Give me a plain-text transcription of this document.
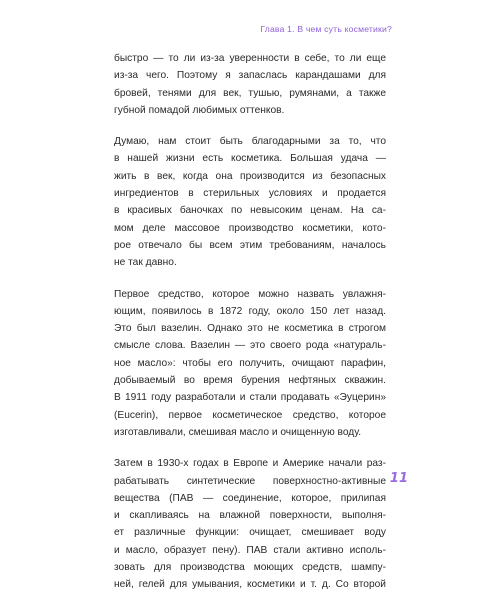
Глава 1. В чем суть косметики?
быстро — то ли из-за уверенности в себе, то ли еще
из-за чего. Поэтому я запаслась карандашами для
бровей, тенями для век, тушью, румянами, а также
губной помадой любимых оттенков.
Думаю, нам стоит быть благодарными за то, что
в нашей жизни есть косметика. Большая удача —
жить в век, когда она производится из безопасных
ингредиентов в стерильных условиях и продается
в красивых баночках по невысоким ценам. На са-
мом деле массовое производство косметики, кото-
рое отвечало бы всем этим требованиям, началось
не так давно.
Первое средство, которое можно назвать увлажня-
ющим, появилось в 1872 году, около 150 лет назад.
Это был вазелин. Однако это не косметика в строгом
смысле слова. Вазелин — это своего рода «натураль-
ное масло»: чтобы его получить, очищают парафин,
добываемый во время бурения нефтяных скважин.
В 1911 году разработали и стали продавать «Эуцерин»
(Eucerin), первое косметическое средство, которое
изготавливали, смешивая масло и очищенную воду.
Затем в 1930-х годах в Европе и Америке начали раз-
рабатывать синтетические поверхностно-активные
вещества (ПАВ — соединение, которое, прилипая
и скапливаясь на влажной поверхности, выполня-
ет различные функции: очищает, смешивает воду
и масло, образует пену). ПАВ стали активно исполь-
зовать для производства моющих средств, шампу-
ней, гелей для умывания, косметики и т. д. Со второй
11
